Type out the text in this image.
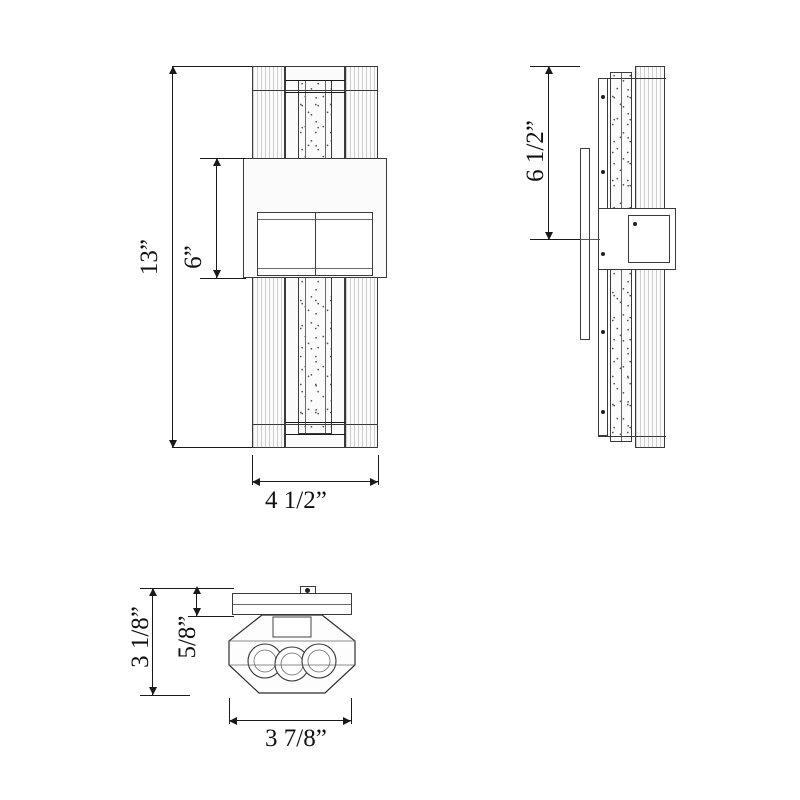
13” 6”
4 1/2”
6 1/2”
3 1/8” 5/8”
3 7/8”
